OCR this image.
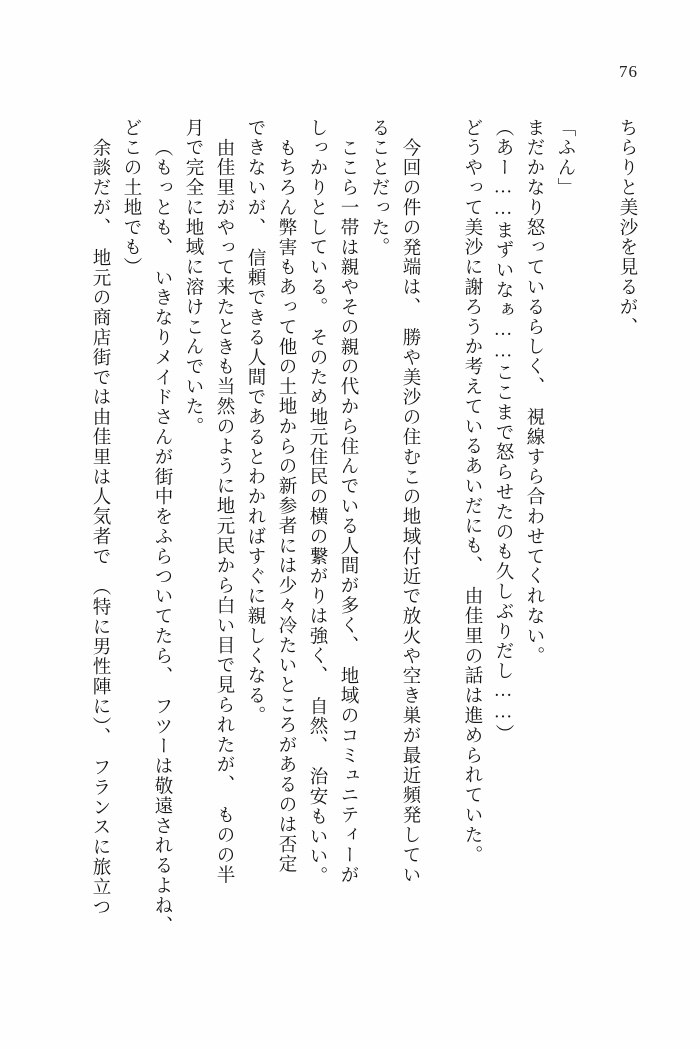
76
ちらりと美沙を見るが、
「ふん」
まだかなり怒っているらしく、　視線すら合わせてくれない。
（あー……まずいなぁ……ここまで怒らせたのも久しぶりだし……）
どうやって美沙に謝ろうか考えているあいだにも、　由佳里の話は進められていた。
今回の件の発端は、　勝や美沙の住むこの地域付近で放火や空き巣が最近頻発してい
ることだった。
ここら一帯は親やその親の代から住んでいる人間が多く、　地域のコミュニティーが
しっかりとしている。　そのため地元住民の横の繋がりは強く、　自然、　治安もいい。
もちろん弊害もあって他の土地からの新参者には少々冷たいところがあるのは否定
できないが、　信頼できる人間であるとわかればすぐに親しくなる。
由佳里がやって来たときも当然のように地元民から白い目で見られたが、　ものの半
月で完全に地域に溶けこんでいた。
（もっとも、　いきなりメイドさんが街中をふらついてたら、　フツーは敬遠されるよね、
どこの土地でも）
余談だが、　地元の商店街では由佳里は人気者で　（特に男性陣に）、　フランスに旅立つ
